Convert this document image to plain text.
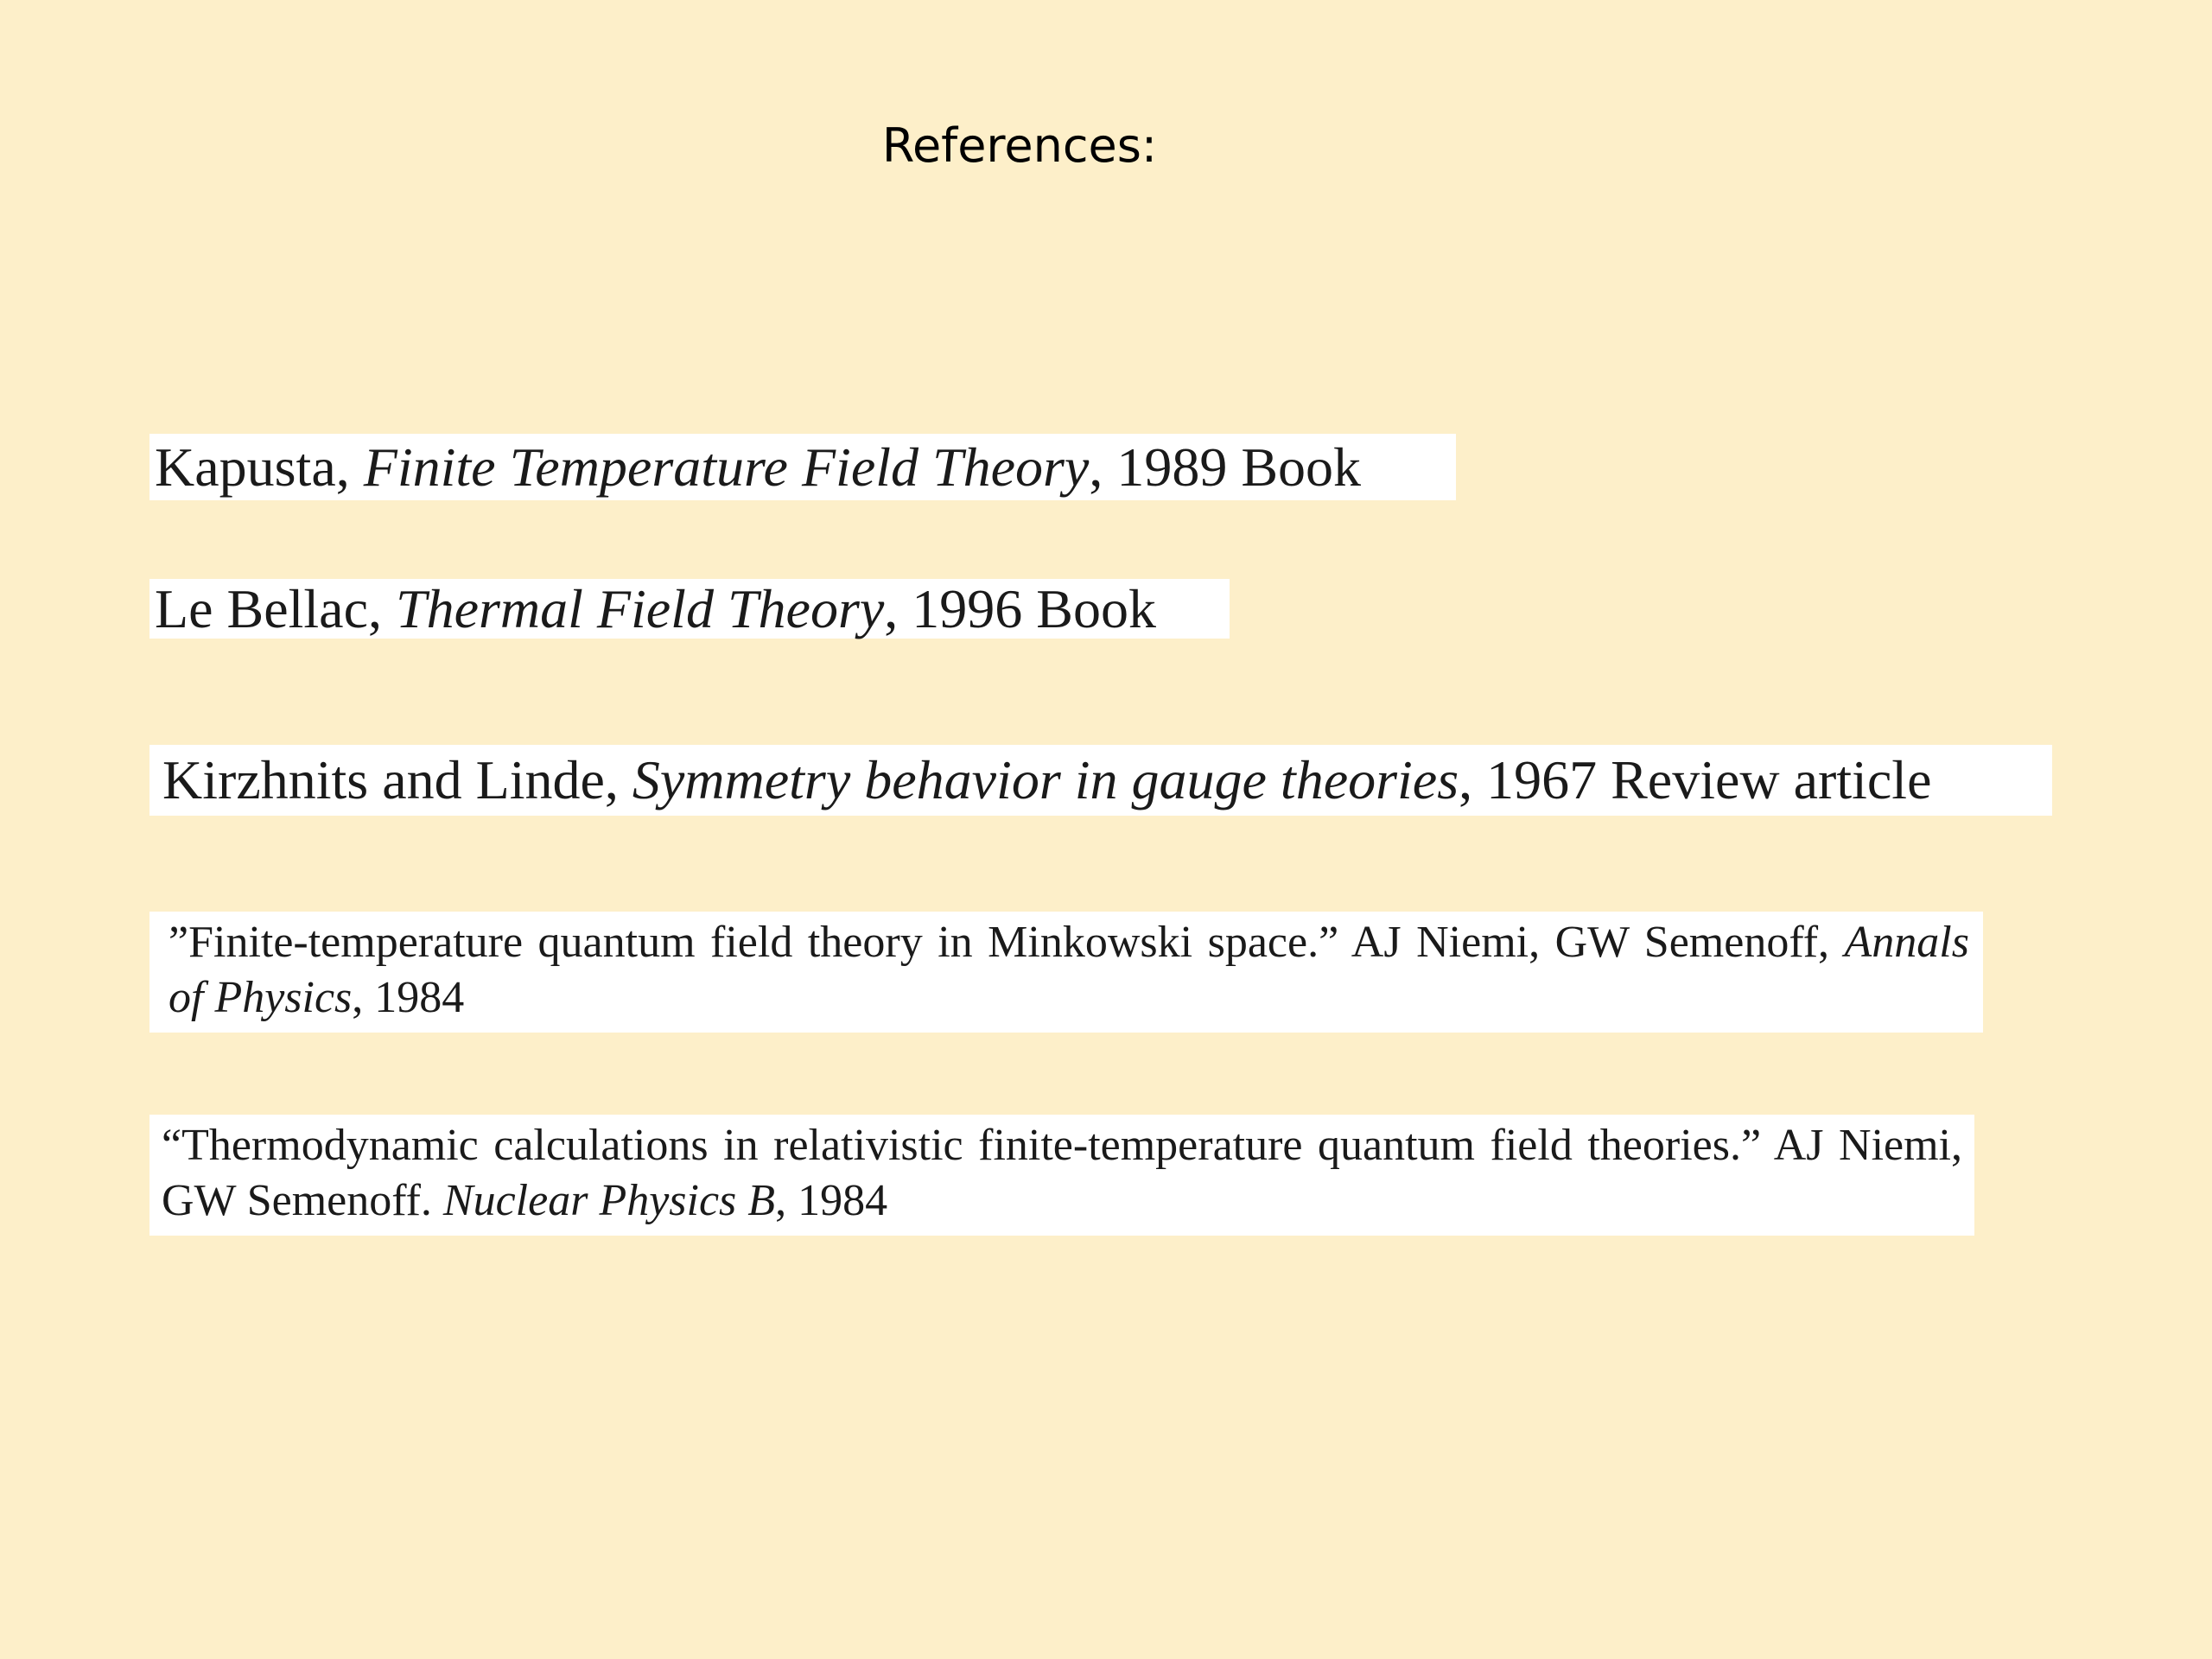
References:
Kapusta,
Finite Temperature Field Theory , 1989 Book
Le Bellac,
Thermal Field Theory , 1996 Book
Kirzhnits and Linde,
Symmetry behavior in gauge theories , 1967 Review article
”Finite-temperature quantum field theory in Minkowski space.” AJ Niemi, GW Semenoff, Annals of Physics, 1984
“Thermodynamic calculations in relativistic finite-temperature quantum field theories.” AJ Niemi, GW Semenoff. Nuclear Physics B, 1984
